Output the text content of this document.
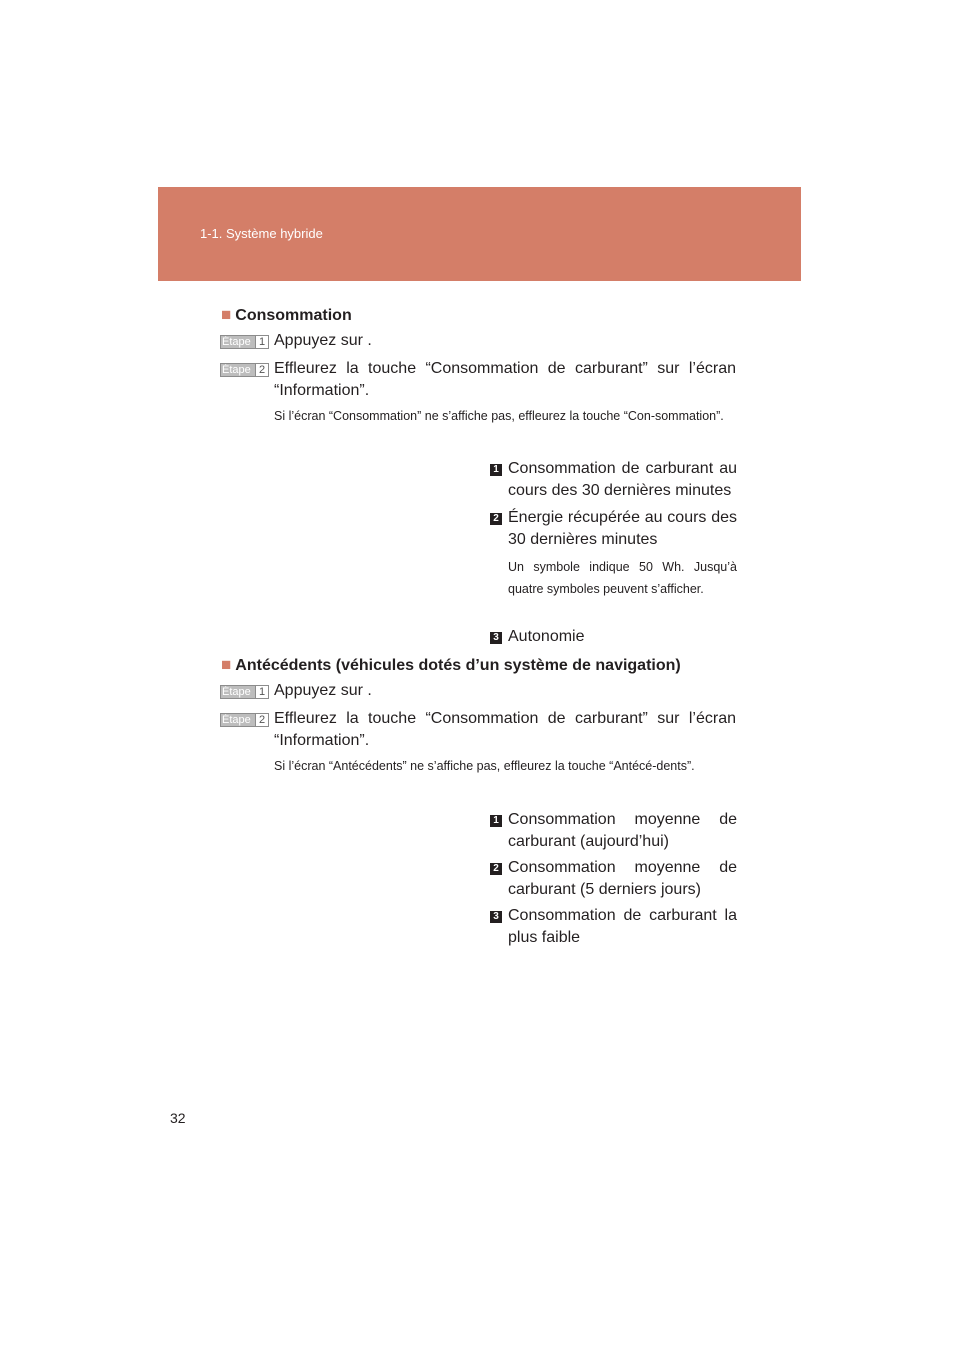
1-1. Système hybride
■ Consommation
Étape 1 Appuyez sur .
Étape 2 Effleurez la touche “Consommation de carburant” sur l’écran “Information”.
Si l’écran “Consommation” ne s’affiche pas, effleurez la touche “Con-sommation”.
1 Consommation de carburant au cours des 30 dernières minutes
2 Énergie récupérée au cours des 30 dernières minutes
Un symbole indique 50 Wh. Jusqu’à quatre symboles peuvent s’afficher.
3 Autonomie
■ Antécédents (véhicules dotés d’un système de navigation)
Étape 1 Appuyez sur .
Étape 2 Effleurez la touche “Consommation de carburant” sur l’écran “Information”.
Si l’écran “Antécédents” ne s’affiche pas, effleurez la touche “Antécé-dents”.
1 Consommation moyenne de carburant (aujourd’hui)
2 Consommation moyenne de carburant (5 derniers jours)
3 Consommation de carburant la plus faible
32
